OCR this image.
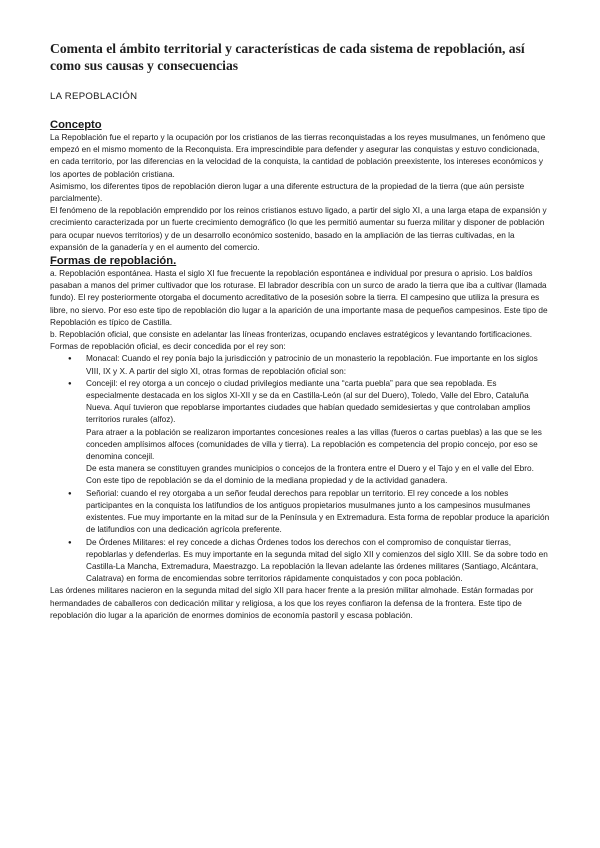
Comenta el ámbito territorial y características de cada sistema de repoblación, así como sus causas y consecuencias
LA REPOBLACIÓN
Concepto

La Repoblación fue el reparto y la ocupación por los cristianos de las tierras reconquistadas a los reyes musulmanes, un fenómeno que empezó en el mismo momento de la Reconquista. Era imprescindible para defender y asegurar las conquistas y estuvo condicionada, en cada territorio, por las diferencias en la velocidad de la conquista, la cantidad de población preexistente, los intereses económicos y los aportes de población cristiana.

Asimismo, los diferentes tipos de repoblación dieron lugar a una diferente estructura de la propiedad de la tierra (que aún persiste parcialmente).

El fenómeno de la repoblación emprendido por los reinos cristianos estuvo ligado, a partir del siglo XI, a una larga etapa de expansión y crecimiento caracterizada por un fuerte crecimiento demográfico (lo que les permitió aumentar su fuerza militar y disponer de población para ocupar nuevos territorios) y de un desarrollo económico sostenido, basado en la ampliación de las tierras cultivadas, en la expansión de la ganadería y en el aumento del comercio.

Formas de repoblación.

a. Repoblación espontánea. Hasta el siglo XI fue frecuente la repoblación espontánea e individual por presura o aprisio. Los baldíos pasaban a manos del primer cultivador que los roturase. El labrador describía con un surco de arado la tierra que iba a cultivar (llamada fundo). El rey posteriormente otorgaba el documento acreditativo de la posesión sobre la tierra. El campesino que utiliza la presura es libre, no siervo. Por eso este tipo de repoblación dio lugar a la aparición de una importante masa de pequeños campesinos. Este tipo de Repoblación es típico de Castilla.

b. Repoblación oficial, que consiste en adelantar las líneas fronterizas, ocupando enclaves estratégicos y levantando fortificaciones. Formas de repoblación oficial, es decir concedida por el rey son:

● Monacal: Cuando el rey ponía bajo la jurisdicción y patrocinio de un monasterio la repoblación. Fue importante en los siglos VIII, IX y X. A partir del siglo XI, otras formas de repoblación oficial son:

● Concejil: el rey otorga a un concejo o ciudad privilegios mediante una “carta puebla” para que sea repoblada. Es especialmente destacada en los siglos XI-XII y se da en Castilla-León (al sur del Duero), Toledo, Valle del Ebro, Cataluña Nueva. Aquí tuvieron que repoblarse importantes ciudades que habían quedado semidesiertas y que controlaban amplios territorios rurales (alfoz).

Para atraer a la población se realizaron importantes concesiones reales a las villas (fueros o cartas pueblas) a las que se les conceden amplísimos alfoces (comunidades de villa y tierra). La repoblación es competencia del propio concejo, por eso se denomina concejil.

De esta manera se constituyen grandes municipios o concejos de la frontera entre el Duero y el Tajo y en el valle del Ebro. Con este tipo de repoblación se da el dominio de la mediana propiedad y de la actividad ganadera.

● Señorial: cuando el rey otorgaba a un señor feudal derechos para repoblar un territorio. El rey concede a los nobles participantes en la conquista los latifundios de los antiguos propietarios musulmanes junto a los campesinos musulmanes existentes. Fue muy importante en la mitad sur de la Península y en Extremadura. Esta forma de repoblar produce la aparición de latifundios con una dedicación agrícola preferente.

● De Órdenes Militares: el rey concede a dichas Órdenes todos los derechos con el compromiso de conquistar tierras, repoblarlas y defenderlas. Es muy importante en la segunda mitad del siglo XII y comienzos del siglo XIII. Se da sobre todo en Castilla-La Mancha, Extremadura, Maestrazgo. La repoblación la llevan adelante las órdenes militares (Santiago, Alcántara, Calatrava) en forma de encomiendas sobre territorios rápidamente conquistados y con poca población.

Las órdenes militares nacieron en la segunda mitad del siglo XII para hacer frente a la presión militar almohade. Están formadas por hermandades de caballeros con dedicación militar y religiosa, a los que los reyes confiaron la defensa de la frontera. Este tipo de repoblación dio lugar a la aparición de enormes dominios de economía pastoril y escasa población.
